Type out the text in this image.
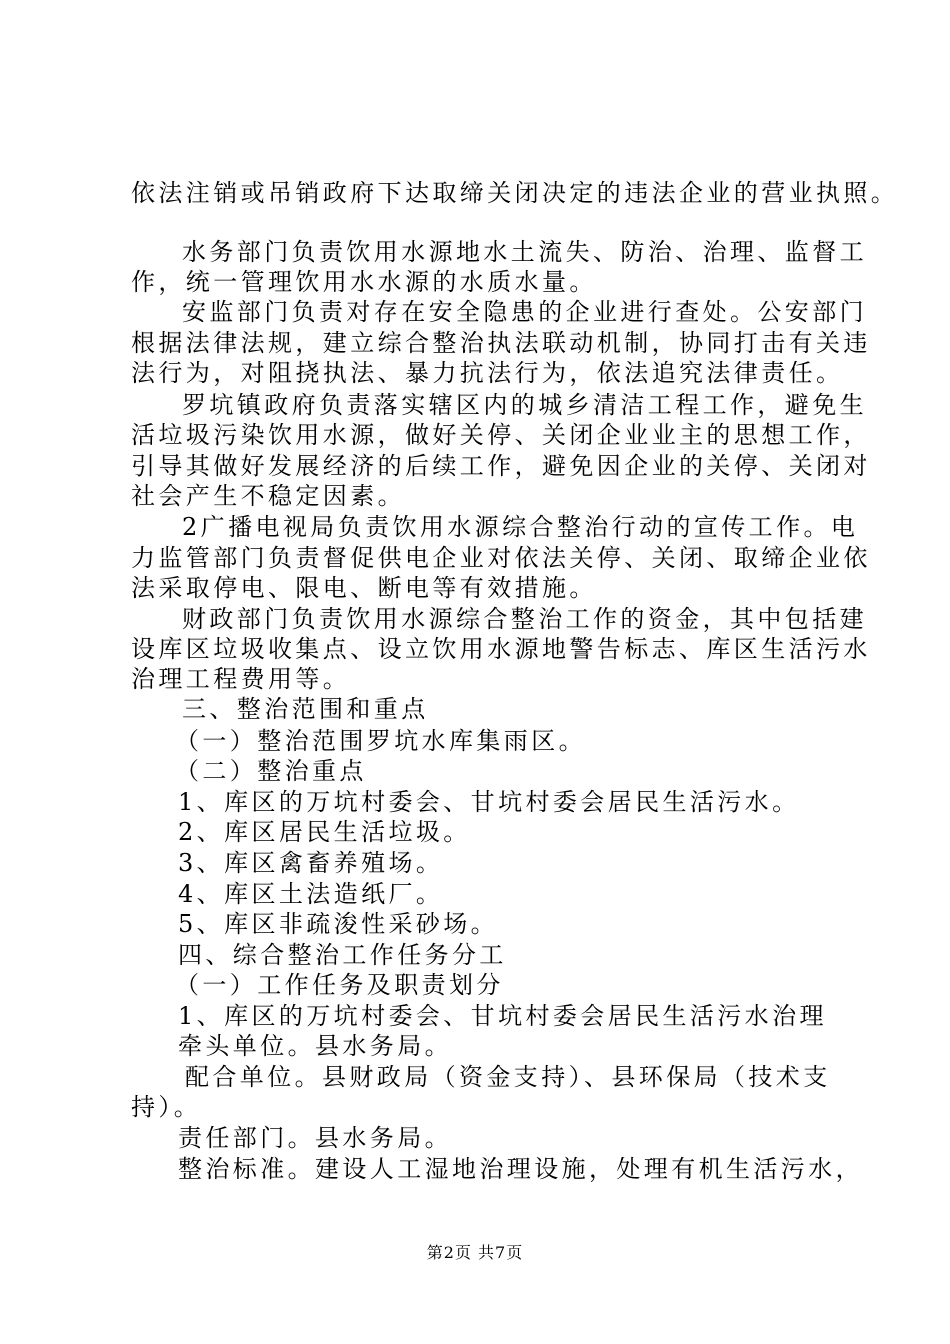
依法注销或吊销政府下达取缔关闭决定的违法企业的营业执照。
水务部门负责饮用水源地水土流失、防治、治理、监督工
作，统一管理饮用水水源的水质水量。
安监部门负责对存在安全隐患的企业进行查处。公安部门
根据法律法规，建立综合整治执法联动机制，协同打击有关违
法行为，对阻挠执法、暴力抗法行为，依法追究法律责任。
罗坑镇政府负责落实辖区内的城乡清洁工程工作，避免生
活垃圾污染饮用水源，做好关停、关闭企业业主的思想工作，
引导其做好发展经济的后续工作，避免因企业的关停、关闭对
社会产生不稳定因素。
2广播电视局负责饮用水源综合整治行动的宣传工作。电
力监管部门负责督促供电企业对依法关停、关闭、取缔企业依
法采取停电、限电、断电等有效措施。
财政部门负责饮用水源综合整治工作的资金，其中包括建
设库区垃圾收集点、设立饮用水源地警告标志、库区生活污水
治理工程费用等。
三、整治范围和重点
（一）整治范围罗坑水库集雨区。
（二）整治重点
1、库区的万坑村委会、甘坑村委会居民生活污水。
2、库区居民生活垃圾。
3、库区禽畜养殖场。
4、库区土法造纸厂。
5、库区非疏浚性采砂场。
四、综合整治工作任务分工
（一）工作任务及职责划分
1、库区的万坑村委会、甘坑村委会居民生活污水治理
牵头单位。县水务局。
配合单位。县财政局（资金支持）、县环保局（技术支
持）。
责任部门。县水务局。
整治标准。建设人工湿地治理设施，处理有机生活污水，
第2页 共7页
